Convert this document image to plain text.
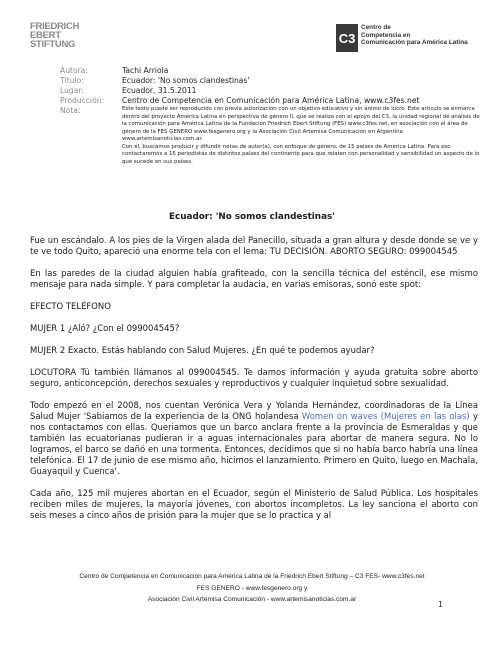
FRIEDRICH
EBERT
STIFTUNG	C3
Centro de
Competencia en
Comunicación para América Latina
Autora:	Tachi Arriola
Título:	Ecuador: 'No somos clandestinas'
Lugar:	Ecuador, 31.5.2011
Producción:	Centro de Competencia en Comunicación para América Latina, www.c3fes.net
Nota:	Este texto puede ser reproducido con previa autorización con un objetivo educativo y sin ánimo de lucro. Este artículo se enmarca dentro del proyecto América Latina en perspectiva de género II, que se realiza con el apoyo del C3, la unidad regional de análisis de la comunicación para América Latina de la Fundación Friedrich Ebert Stiftung (FES) www.c3fes.net, en asociación con el área de género de la FES GENERO www.fesgenero.org y la Asociación Civil Artemisa Comunicación en Argentina www.artemisanoticias.com.ar.

Con él, buscamos producir y difundir notas de autor(a), con enfoque de género, de 15 países de América Latina. Para eso contactaremos a 15 periodistas de distintos países del continente para que relaten con personalidad y sensibilidad un aspecto de lo que sucede en sus países.

Ecuador: 'No somos clandestinas'

Fue un escándalo. A los pies de la Virgen alada del Panecillo, situada a gran altura y desde donde se ve y te ve todo Quito, apareció una enorme tela con el lema: TU DECISIÓN. ABORTO SEGURO: 099004545

En las paredes de la ciudad alguien había grafiteado, con la sencilla técnica del esténcil, ese mismo mensaje para nada simple. Y para completar la audacia, en varias emisoras, sonó este spot:

EFECTO TELÉFONO

MUJER 1 ¿Aló? ¿Con el 099004545?

MUJER 2 Exacto. Estás hablando con Salud Mujeres. ¿En qué te podemos ayudar?

LOCUTORA Tú también llámanos al 099004545. Te damos información y ayuda gratuita sobre aborto seguro, anticoncepción, derechos sexuales y reproductivos y cualquier inquietud sobre sexualidad.

Todo empezó en el 2008, nos cuentan Verónica Vera y Yolanda Hernández, coordinadoras de la Línea Salud Mujer 'Sabiamos de la experiencia de la ONG holandesa Women on waves (Mujeres en las olas) y nos contactamos con ellas. Queriamos que un barco anclara frente a la provincia de Esmeraldas y que también las ecuatorianas pudieran ir a aguas internacionales para abortar de manera segura. No lo logramos, el barco se dañó en una tormenta. Entonces, decidimos que si no había barco habría una línea telefónica. El 17 de junio de ese mismo año, hicimos el lanzamiento. Primero en Quito, luego en Machala, Guayaquil y Cuenca'.

Cada año, 125 mil mujeres abortan en el Ecuador, según el Ministerio de Salud Pública. Los hospitales reciben miles de mujeres, la mayoría jóvenes, con abortos incompletos. La ley sanciona el aborto con seis meses a cinco años de prisión para la mujer que se lo practica y al

Centro de Competencia en Comunicación para América Latina de la Friedrich Ebert Stiftung – C3 FES- www.c3fes.net
FES GENERO - www.fesgenero.org y
Asociación Civil Artemisa Comunicación - www.artemisanoticias.com.ar
1
